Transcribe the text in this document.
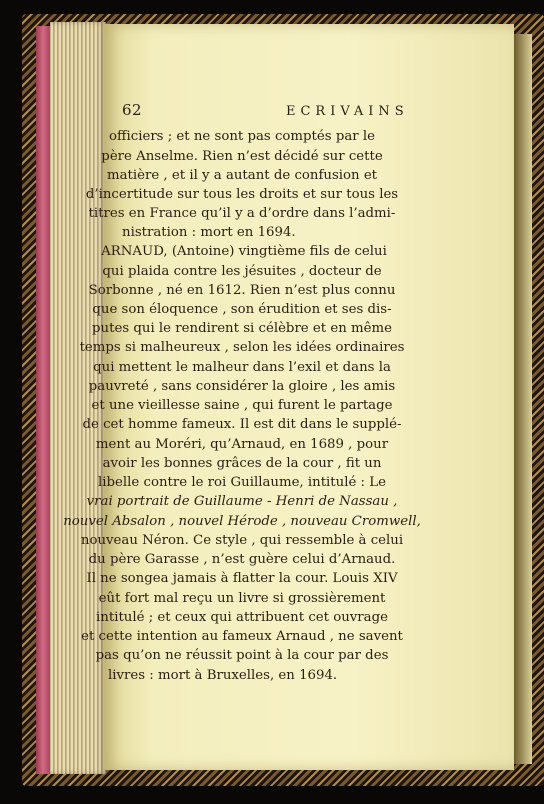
62	ECRIVAINS
officiers ; et ne sont pas comptés par le
père Anselme. Rien n’est décidé sur cette
matière , et il y a autant de confusion et
d’incertitude sur tous les droits et sur tous les
titres en France qu’il y a d’ordre dans l’admi-
nistration : mort en 1694.
ARNAUD, (Antoine) vingtième fils de celui
qui plaida contre les jésuites , docteur de
Sorbonne , né en 1612. Rien n’est plus connu
que son éloquence , son érudition et ses dis-
putes qui le rendirent si célèbre et en même
temps si malheureux , selon les idées ordinaires
qui mettent le malheur dans l’exil et dans la
pauvreté , sans considérer la gloire , les amis
et une vieillesse saine , qui furent le partage
de cet homme fameux. Il est dit dans le supplé-
ment au Moréri, qu’Arnaud, en 1689 , pour
avoir les bonnes grâces de la cour , fit un
libelle contre le roi Guillaume, intitulé : Le
vrai portrait de Guillaume - Henri de Nassau ,
nouvel Absalon , nouvel Hérode , nouveau Cromwell,
nouveau Néron. Ce style , qui ressemble à celui
du père Garasse , n’est guère celui d’Arnaud.
Il ne songea jamais à flatter la cour. Louis XIV
eût fort mal reçu un livre si grossièrement
intitulé ; et ceux qui attribuent cet ouvrage
et cette intention au fameux Arnaud , ne savent
pas qu’on ne réussit point à la cour par des
livres : mort à Bruxelles, en 1694.
